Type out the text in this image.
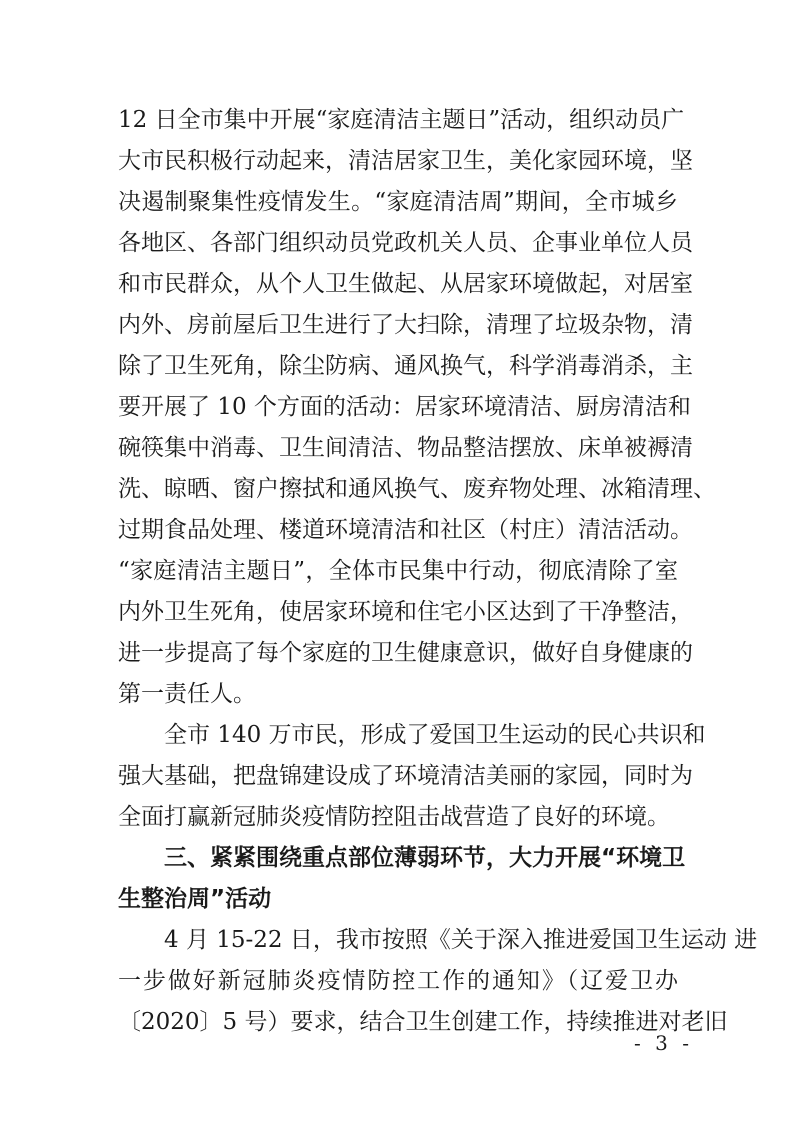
12 日全市集中开展“家庭清洁主题日”活动，组织动员广
大市民积极行动起来，清洁居家卫生，美化家园环境，坚
决遏制聚集性疫情发生。“家庭清洁周”期间，全市城乡
各地区、各部门组织动员党政机关人员、企事业单位人员
和市民群众，从个人卫生做起、从居家环境做起，对居室
内外、房前屋后卫生进行了大扫除，清理了垃圾杂物，清
除了卫生死角，除尘防病、通风换气，科学消毒消杀，主
要开展了 10 个方面的活动：居家环境清洁、厨房清洁和
碗筷集中消毒、卫生间清洁、物品整洁摆放、床单被褥清
洗、晾晒、窗户擦拭和通风换气、废弃物处理、冰箱清理、
过期食品处理、楼道环境清洁和社区（村庄）清洁活动。
“家庭清洁主题日”，全体市民集中行动，彻底清除了室
内外卫生死角，使居家环境和住宅小区达到了干净整洁，
进一步提高了每个家庭的卫生健康意识，做好自身健康的
第一责任人。
全市 140 万市民，形成了爱国卫生运动的民心共识和
强大基础，把盘锦建设成了环境清洁美丽的家园，同时为
全面打赢新冠肺炎疫情防控阻击战营造了良好的环境。
三、紧紧围绕重点部位薄弱环节，大力开展“环境卫
生整治周”活动
4 月 15-22 日，我市按照《关于深入推进爱国卫生运动 进
一步做好新冠肺炎疫情防控工作的通知》（辽爱卫办
〔2020〕5 号）要求，结合卫生创建工作，持续推进对老旧
- 3 -
